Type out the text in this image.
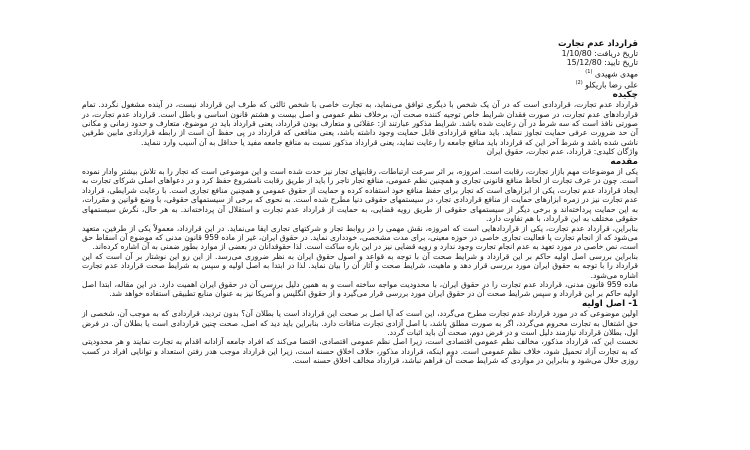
قرارداد عدم تجارت
تاریخ دریافت: 1/10/80
تاریخ تایید: 15/12/80
مهدی شهیدی $^{(1)}$
علی رضا باریکلو $^{(2)}$
چکیده

قرارداد عدم تجارت، قراردادی است که در آن یک شخص با دیگری توافق می‌نماید، به تجارت خاصی با شخص ثالثی که طرف این قرارداد نیست، در آینده مشغول نگردد. تمام قراردادهای عدم تجارت، در صورت فقدان شرایط خاص توجیه کننده صحت آن، برخلاف نظم عمومی و اصل بیست و هشتم قانون اساسی و باطل است. قرارداد عدم تجارت، در صورتی نافذ است که سه شرط در آن رعایت شده باشد. شرایط مذکور عبارتند از: عقلائی و متعارف بودن قرارداد، یعنی قرارداد باید در موضوع، متعارف و حدود زمانی و مکانی آن حد ضرورت عرفی حمایت تجاوز ننماید. باید منافع قراردادی قابل حمایت وجود داشته باشد، یعنی منافعی که قرارداد در پی حفظ آن است از رابطه قراردادی مابین طرفین ناشی شده باشد و شرط آخر این که قرارداد باید منافع جامعه را رعایت نماید، یعنی قرارداد مذکور نسبت به منافع جامعه مفید یا حداقل به آن آسیب وارد ننماید.

واژگان کلیدی: قرارداد، عدم تجارت، حقوق ایران

مقدمه

یکی از موضوعات مهم بازار تجارت، رقابت است. امروزه، بر اثر سرعت ارتباطات، رقابتهای تجار نیز حدت شده است و این موضوعی است که تجار را به تلاش بیشتر وادار نموده است. چون در عرف تجارت از لحاظ منافع قانونی تجاری و همچنین نظم عمومی، منافع تجار تاجر را باید از طریق رقابت نامشروع حفظ کرد و در دعواهای اصلی شرکای تجارت به ایجاد قرارداد عدم تجارت، یکی از ابزارهای است که تجار برای حفظ منافع خود استفاده کرده و حمایت از حقوق عمومی و همچنین منافع تجاری است. با رعایت شرایطی، قرارداد عدم تجارت نیز در زمره ابزارهای حمایت از منافع قراردادی تجار، در سیستمهای حقوقی دنیا مطرح شده است. به نحوی که برخی از سیستمهای حقوقی، با وضع قوانین و مقررات، به این حمایت پرداخته‌اند و برخی دیگر از سیستمهای حقوقی از طریق رویه قضایی، به حمایت از قرارداد عدم تجارت و استقلال آن پرداخته‌اند. به هر حال، نگرش سیستمهای حقوقی مختلف به این قرارداد، با هم تفاوت دارد.

بنابراین، قرارداد عدم تجارت، یکی از قراردادهایی است که امروزه، نقش مهمی را در روابط تجار و شرکتهای تجاری ایفا می‌نماید. در این قرارداد، معمولاً یکی از طرفین، متعهد می‌شود که از انجام تجارت یا فعالیت تجاری خاصی در حوزه معینی، برای مدت مشخصی، خودداری نماید. در حقوق ایران، غیر از ماده 959 قانون مدنی که موضوع آن اسقاط حق است، نص خاصی در مورد تعهد به عدم انجام تجارت وجود ندارد و رویه قضایی نیز در این باره ساکت است. لذا حقوقدانان در بعضی از موارد بطور ضمنی به آن اشاره کرده‌اند.

بنابراین بررسی اصل اولیه حاکم بر این قرارداد و شرایط صحت آن با توجه به قواعد و اصول حقوق ایران به نظر ضروری می‌رسد. از این رو این نوشتار بر آن است که این قرارداد را با توجه به حقوق ایران مورد بررسی قرار دهد و ماهیت، شرایط صحت و آثار آن را بیان نماید. لذا در ابتدا به اصل اولیه و سپس به شرایط صحت قرارداد عدم تجارت اشاره می‌شود.

ماده 959 قانون مدنی، قرارداد عدم تجارت را در حقوق ایران، با محدودیت مواجه ساخته است و به همین دلیل بررسی آن در حقوق ایران اهمیت دارد. در این مقاله، ابتدا اصل اولیه حاکم بر این قرارداد و سپس شرایط صحت آن در حقوق ایران مورد بررسی قرار می‌گیرد و از حقوق انگلیس و آمریکا نیز به عنوان منابع تطبیقی استفاده خواهد شد.

1- اصل اولیه

اولین موضوعی که در مورد قرارداد عدم تجارت مطرح می‌گردد، این است که آیا اصل بر صحت این قرارداد است یا بطلان آن؟ بدون تردید، قراردادی که به موجب آن، شخصی از حق اشتغال به تجارت محروم می‌گردد، اگر به صورت مطلق باشد، با اصل آزادی تجارت منافات دارد. بنابراین باید دید که اصل، صحت چنین قراردادی است یا بطلان آن. در فرض اول، بطلان قرارداد نیازمند دلیل است و در فرض دوم، صحت آن باید اثبات گردد.

نخست این که، قرارداد مذکور، مخالف نظم عمومی اقتصادی است، زیرا اصل نظم عمومی اقتصادی، اقتضا می‌کند که افراد جامعه آزادانه اقدام به تجارت نمایند و هر محدودیتی که به تجارت آزاد تحمیل شود، خلاف نظم عمومی است. دوم اینکه، قرارداد مذکور، خلاف اخلاق حسنه است، زیرا این قرارداد موجب هدر رفتن استعداد و توانایی افراد در کسب روزی حلال می‌شود و بنابراین در مواردی که شرایط صحت آن فراهم نباشد، قرارداد مخالف اخلاق حسنه است.
